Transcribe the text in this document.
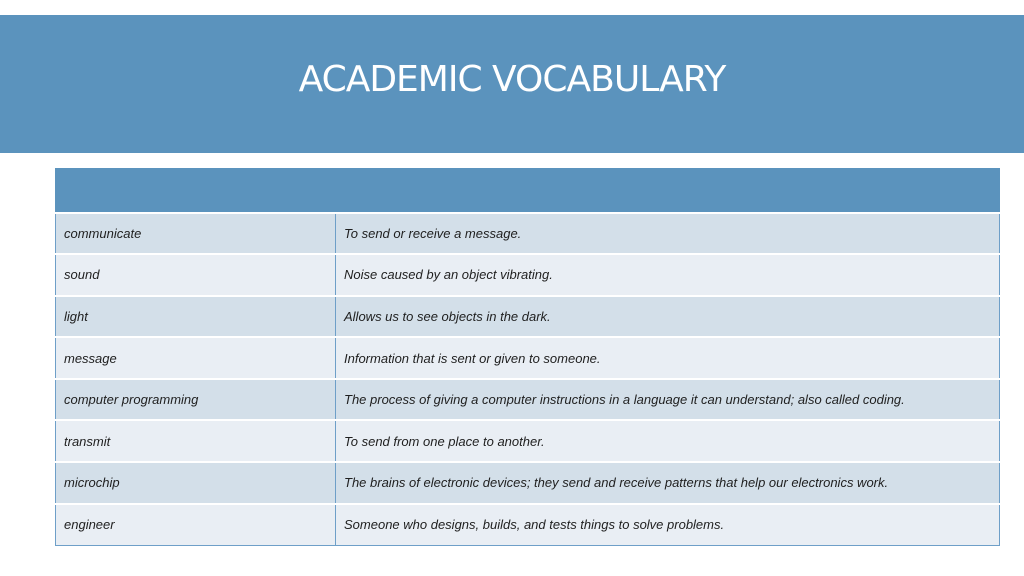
ACADEMIC VOCABULARY

communicate	To send or receive a message.
sound	Noise caused by an object vibrating.
light	Allows us to see objects in the dark.
message	Information that is sent or given to someone.
computer programming	The process of giving a computer instructions in a language it can understand; also called coding.
transmit	To send from one place to another.
microchip	The brains of electronic devices; they send and receive patterns that help our electronics work.
engineer	Someone who designs, builds, and tests things to solve problems.
